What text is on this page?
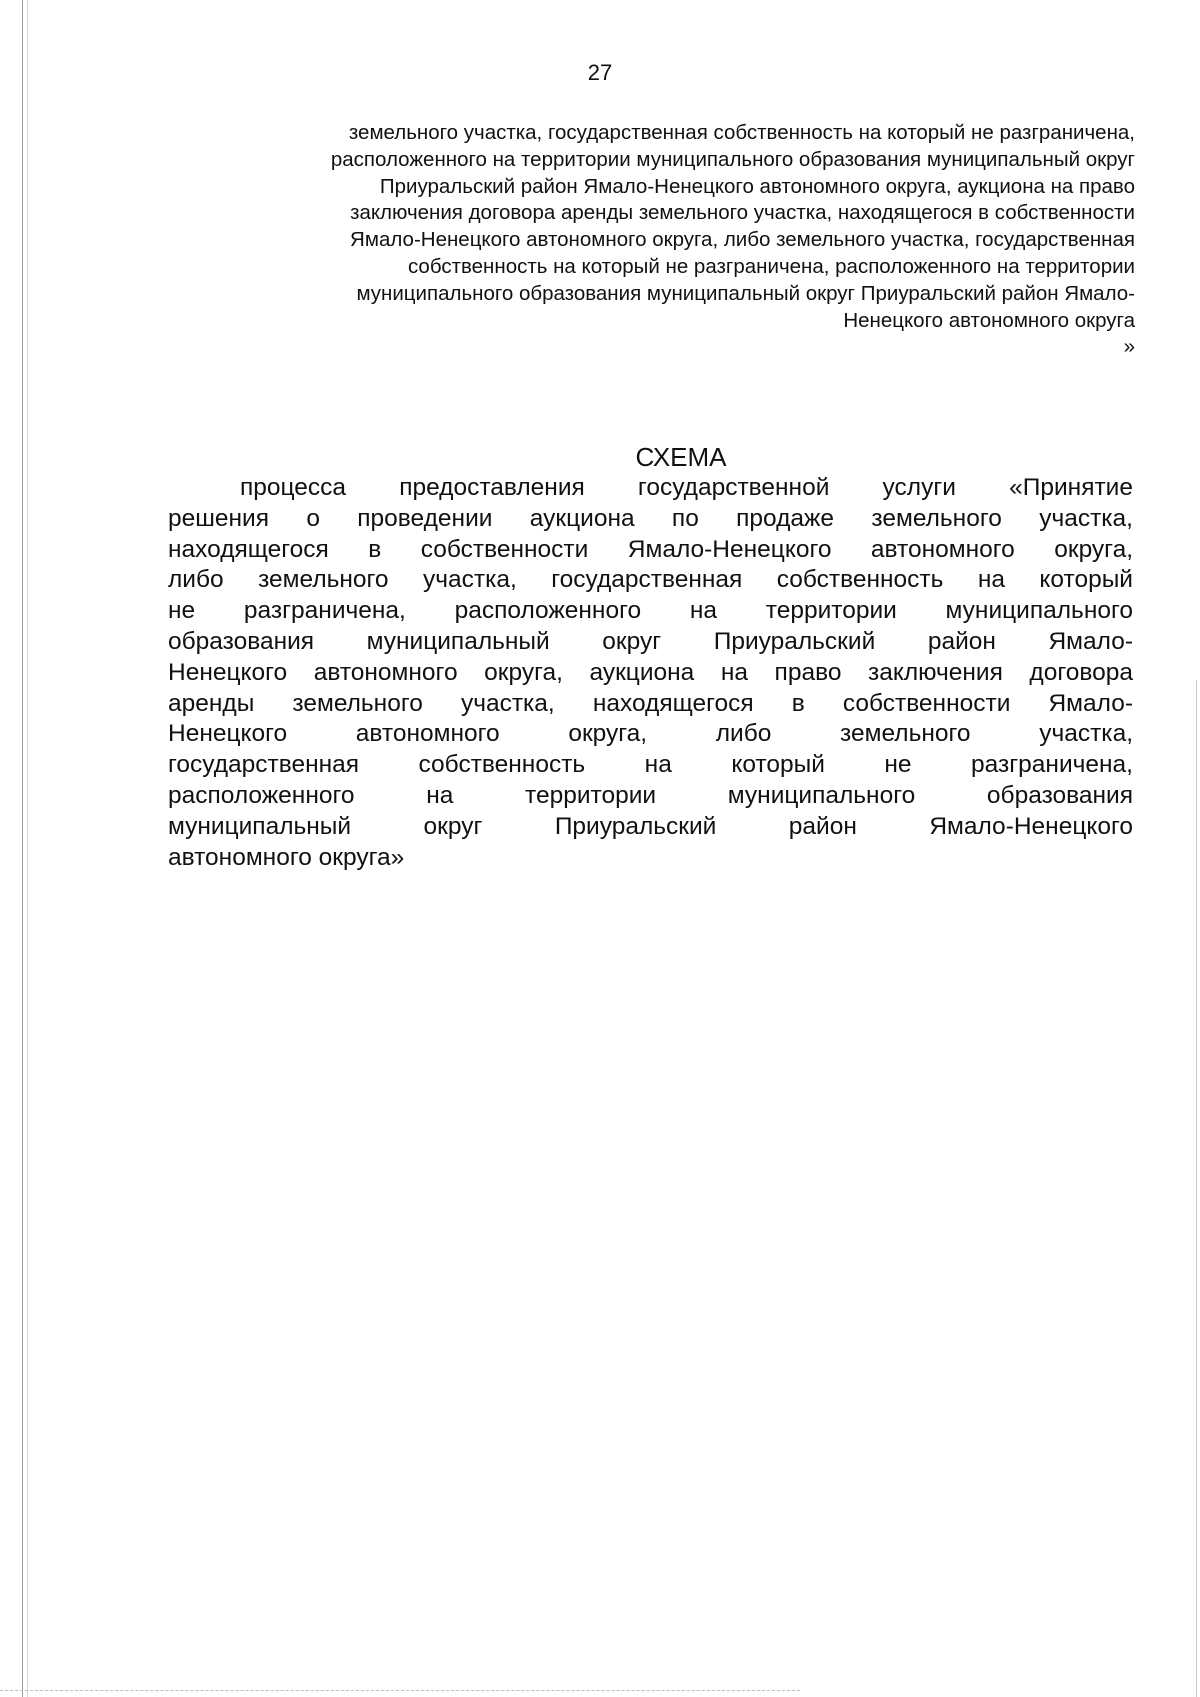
27
земельного участка, государственная собственность на который не разграничена,
расположенного на территории муниципального образования муниципальный округ
Приуральский район Ямало-Ненецкого автономного округа, аукциона на право
заключения договора аренды земельного участка, находящегося в собственности
Ямало-Ненецкого автономного округа, либо земельного участка, государственная
собственность на который не разграничена, расположенного на территории
муниципального образования муниципальный округ Приуральский район Ямало-
Ненецкого автономного округа
»
СХЕМА
процесса предоставления государственной услуги «Принятие
решения о проведении аукциона по продаже земельного участка,
находящегося в собственности Ямало-Ненецкого автономного округа,
либо земельного участка, государственная собственность на который
не разграничена, расположенного на территории муниципального
образования муниципальный округ Приуральский район Ямало-
Ненецкого автономного округа, аукциона на право заключения договора
аренды земельного участка, находящегося в собственности Ямало-
Ненецкого автономного округа, либо земельного участка,
государственная собственность на который не разграничена,
расположенного на территории муниципального образования
муниципальный округ Приуральский район Ямало-Ненецкого
автономного округа»
